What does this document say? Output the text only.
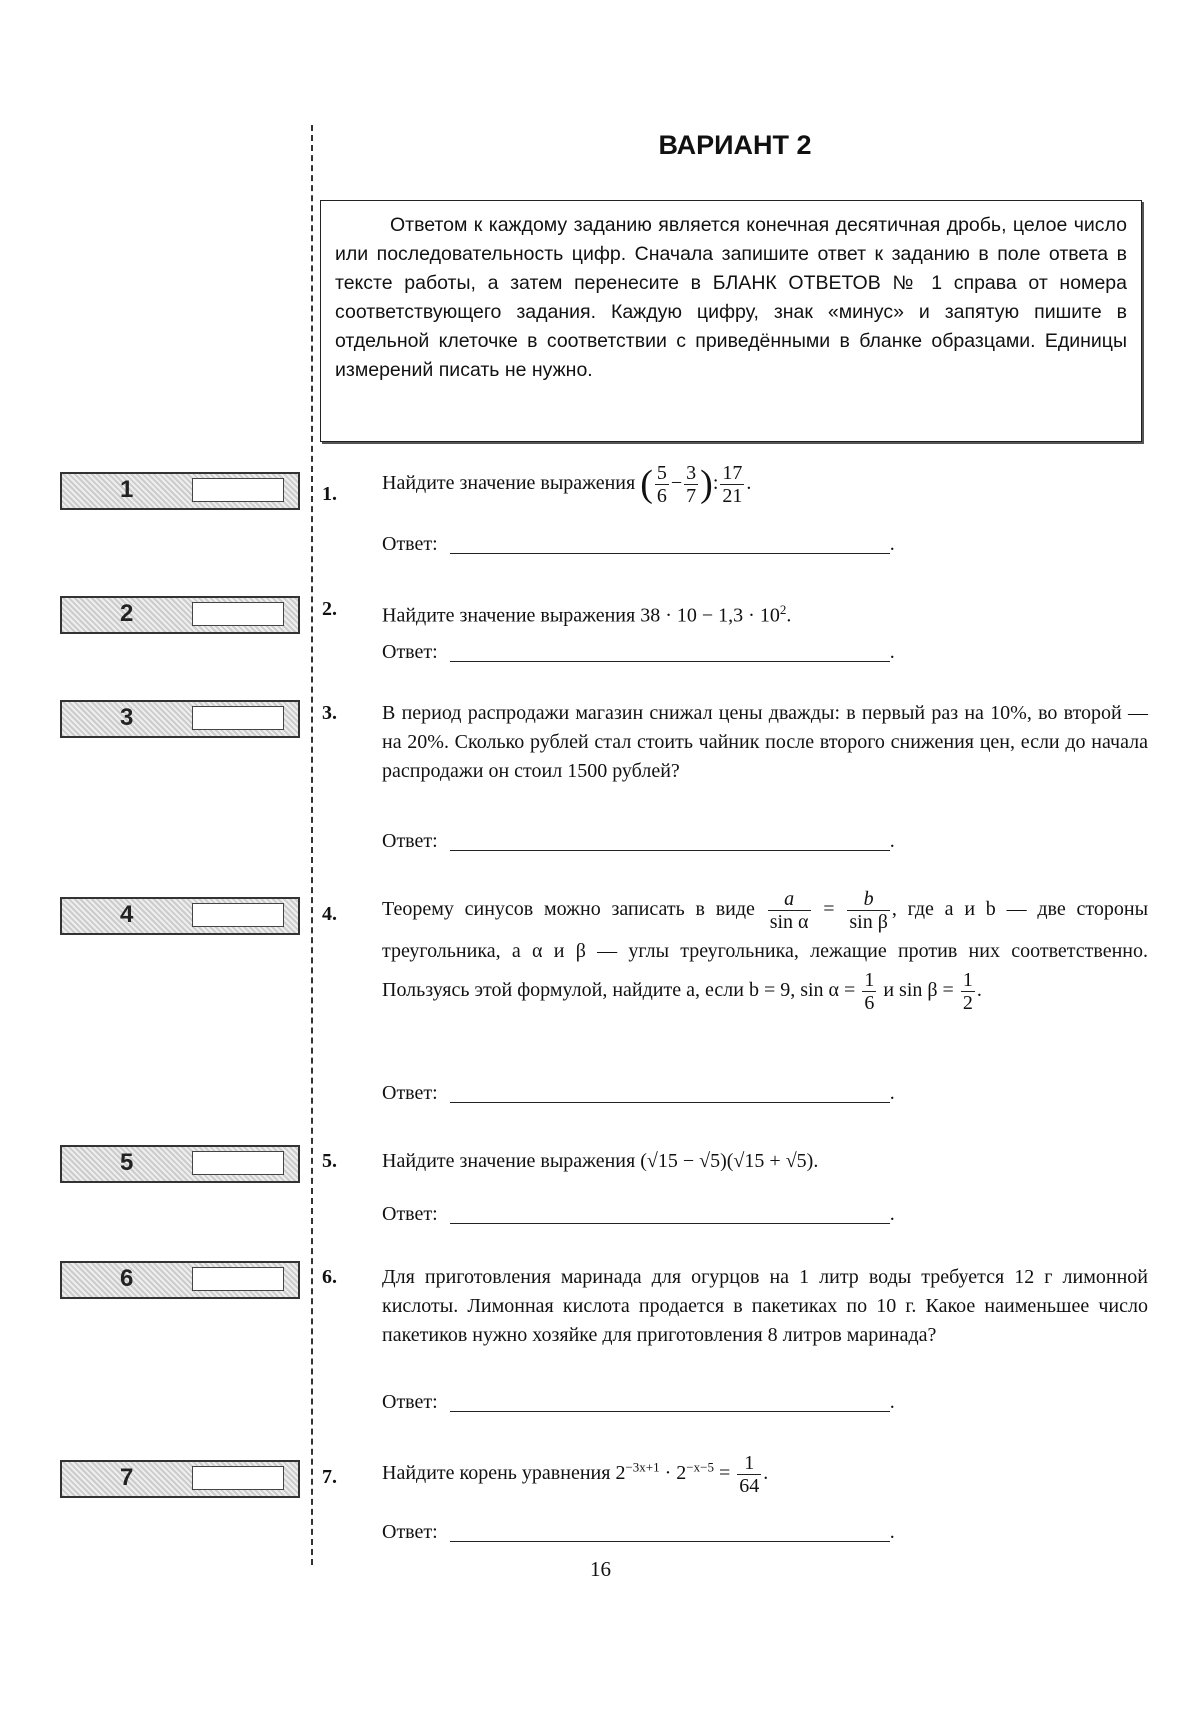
ВАРИАНТ 2

Ответом к каждому заданию является конечная десятичная дробь, целое число или последовательность цифр. Сначала запишите ответ к заданию в поле ответа в тексте работы, а затем перенесите в БЛАНК ОТВЕТОВ № 1 справа от номера соответствующего задания. Каждую цифру, знак «минус» и запятую пишите в отдельной клеточке в соответствии с приведёнными в бланке образцами. Единицы измерений писать не нужно.

1
2
3
4
5
6
7
1. Найдите значение выражения ( $\frac{5}{6} - \frac{3}{7}$ ): $\frac{17}{21}$ .
Ответ:	.
2. Найдите значение выражения $38 \cdot 10 - 1,3 \cdot 10^2$.
Ответ:	.
3. В период распродажи магазин снижал цены дважды: в первый раз на 10%, во второй — на 20%. Сколько рублей стал стоить чайник после второго снижения цен, если до начала распродажи он стоил 1500 рублей?
Ответ:	.
4. Теорему синусов можно записать в виде $\frac{a}{\text{sin α}} = \frac{b}{\text{sin β}}$ , где a и b — две стороны треугольника, а α и β — углы треугольника, лежащие против них соответственно. Пользуясь этой формулой, найдите a, если b = 9, $\sin \alpha = \frac{1}{6}$ и $\sin \beta = \frac{1}{2}$ .
Ответ:	.
5. Найдите значение выражения (√15 − √5)(√15 + √5).
Ответ:	.
6. Для приготовления маринада для огурцов на 1 литр воды требуется 12 г лимонной кислоты. Лимонная кислота продается в пакетиках по 10 г. Какое наименьшее число пакетиков нужно хозяйке для приготовления 8 литров маринада?
Ответ:	.
7. Найдите корень уравнения $2^{-3x+1} \cdot 2^{-x-5} = \frac{1}{64}$ .
Ответ:	.
16
